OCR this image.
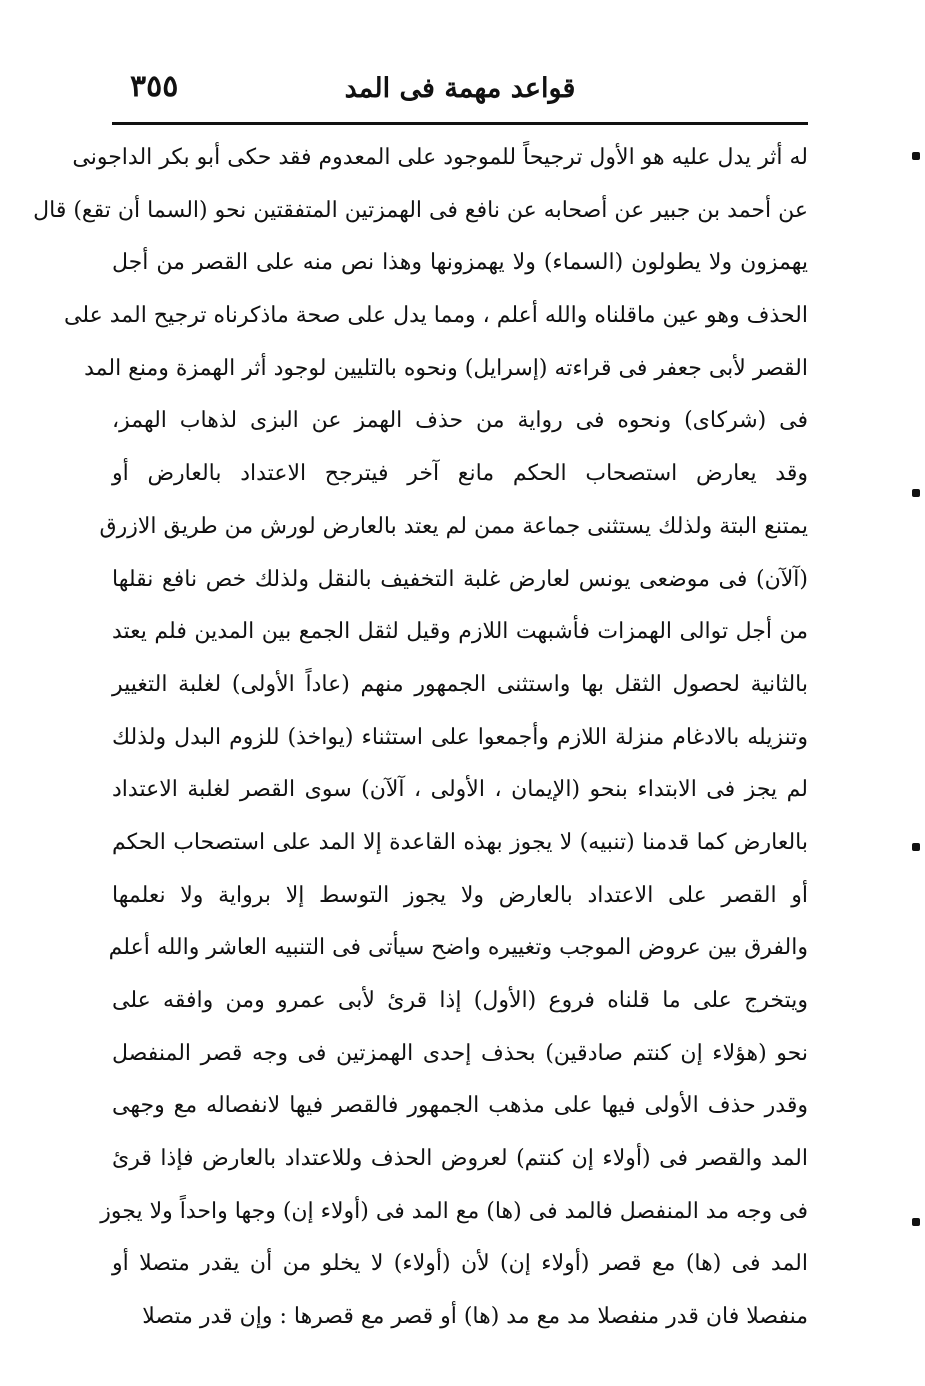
قواعد مهمة فى المد
٣٥٥
له أثر يدل عليه هو الأول ترجيحاً للموجود على المعدوم فقد حكى أبو بكر الداجونى
عن أحمد بن جبير عن أصحابه عن نافع فى الهمزتين المتفقتين نحو (السما أن تقع) قال
يهمزون ولا يطولون (السماء) ولا يهمزونها وهذا نص منه على القصر من أجل
الحذف وهو عين ماقلناه والله أعلم ، ومما يدل على صحة ماذكرناه ترجيح المد على
القصر لأبى جعفر فى قراءته (إسرايل) ونحوه بالتليين لوجود أثر الهمزة ومنع المد
فى (شركاى) ونحوه فى رواية من حذف الهمز عن البزى لذهاب الهمز،
وقد يعارض استصحاب الحكم مانع آخر فيترجح الاعتداد بالعارض أو
يمتنع البتة ولذلك يستثنى جماعة ممن لم يعتد بالعارض لورش من طريق الازرق
(آلآن) فى موضعى يونس لعارض غلبة التخفيف بالنقل ولذلك خص نافع نقلها
من أجل توالى الهمزات فأشبهت اللازم وقيل لثقل الجمع بين المدين فلم يعتد
بالثانية لحصول الثقل بها واستثنى الجمهور منهم (عاداً الأولى) لغلبة التغيير
وتنزيله بالادغام منزلة اللازم وأجمعوا على استثناء (يواخذ) للزوم البدل ولذلك
لم يجز فى الابتداء بنحو (الإيمان ، الأولى ، آلآن) سوى القصر لغلبة الاعتداد
بالعارض كما قدمنا (تنبيه) لا يجوز بهذه القاعدة إلا المد على استصحاب الحكم
أو القصر على الاعتداد بالعارض ولا يجوز التوسط إلا برواية ولا نعلمها
والفرق بين عروض الموجب وتغييره واضح سيأتى فى التنبيه العاشر والله أعلم
ويتخرج على ما قلناه فروع (الأول) إذا قرئ لأبى عمرو ومن وافقه على
نحو (هؤلاء إن كنتم صادقين) بحذف إحدى الهمزتين فى وجه قصر المنفصل
وقدر حذف الأولى فيها على مذهب الجمهور فالقصر فيها لانفصاله مع وجهى
المد والقصر فى (أولاء إن كنتم) لعروض الحذف وللاعتداد بالعارض فإذا قرئ
فى وجه مد المنفصل فالمد فى (ها) مع المد فى (أولاء إن) وجها واحداً ولا يجوز
المد فى (ها) مع قصر (أولاء إن) لأن (أولاء) لا يخلو من أن يقدر متصلا أو
منفصلا فان قدر منفصلا مد مع مد (ها) أو قصر مع قصرها : وإن قدر متصلا
